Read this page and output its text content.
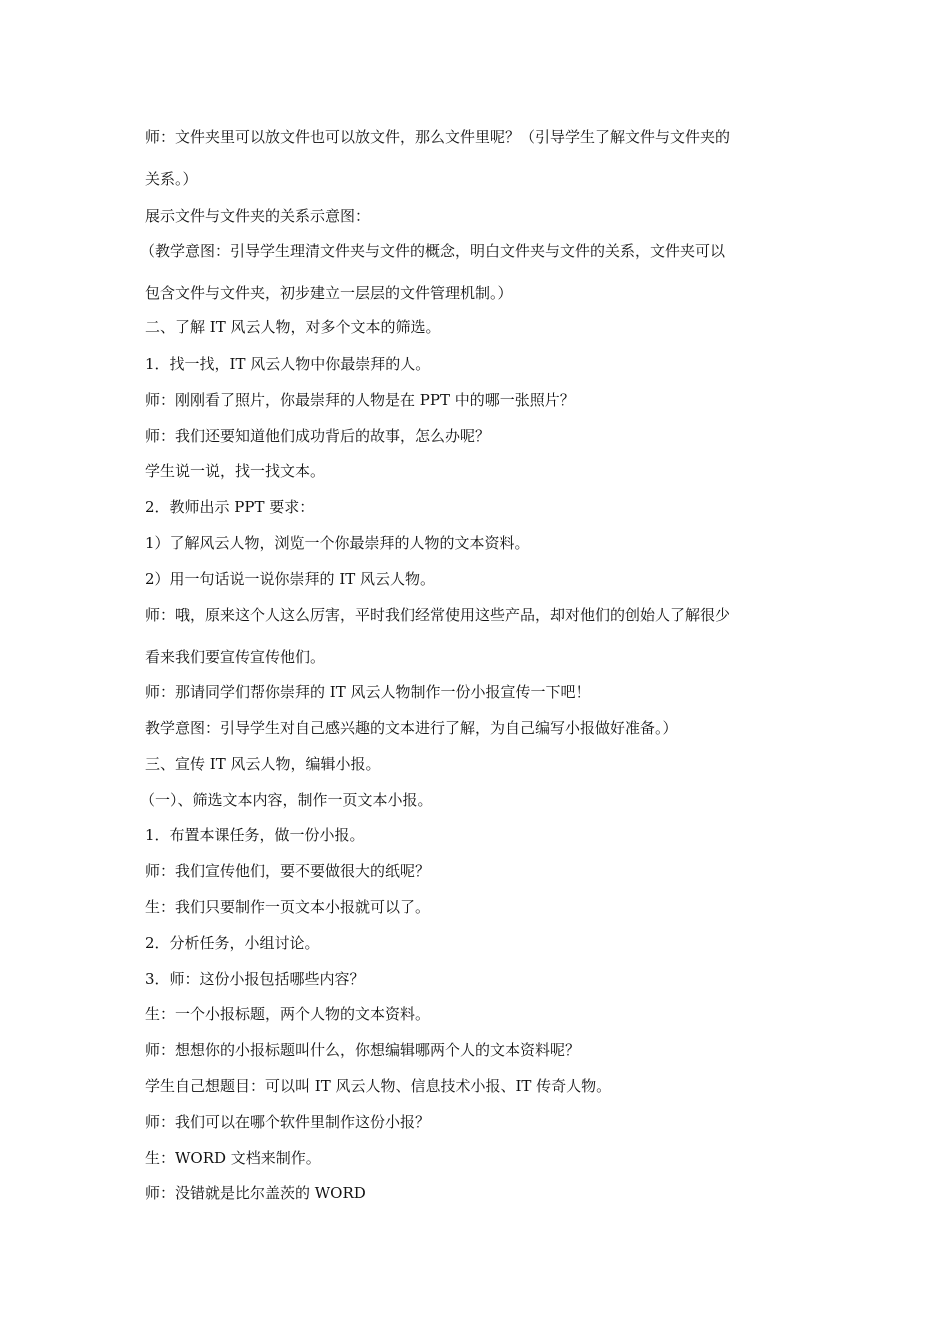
师：文件夹里可以放文件也可以放文件，那么文件里呢？（引导学生了解文件与文件夹的
关系。）
展示文件与文件夹的关系示意图：
（教学意图：引导学生理清文件夹与文件的概念，明白文件夹与文件的关系，文件夹可以
包含文件与文件夹，初步建立一层层的文件管理机制。）
二、了解 IT 风云人物，对多个文本的筛选。
1．找一找，IT 风云人物中你最崇拜的人。
师：刚刚看了照片，你最崇拜的人物是在 PPT 中的哪一张照片？
师：我们还要知道他们成功背后的故事，怎么办呢？
学生说一说，找一找文本。
2．教师出示 PPT 要求：
1）了解风云人物，浏览一个你最崇拜的人物的文本资料。
2）用一句话说一说你崇拜的 IT 风云人物。
师：哦，原来这个人这么厉害，平时我们经常使用这些产品，却对他们的创始人了解很少
看来我们要宣传宣传他们。
师：那请同学们帮你崇拜的 IT 风云人物制作一份小报宣传一下吧！
教学意图：引导学生对自己感兴趣的文本进行了解，为自己编写小报做好准备。）
三、宣传 IT 风云人物，编辑小报。
（一）、筛选文本内容，制作一页文本小报。
1．布置本课任务，做一份小报。
师：我们宣传他们，要不要做很大的纸呢？
生：我们只要制作一页文本小报就可以了。
2．分析任务，小组讨论。
3．师：这份小报包括哪些内容？
生：一个小报标题，两个人物的文本资料。
师：想想你的小报标题叫什么，你想编辑哪两个人的文本资料呢？
学生自己想题目：可以叫 IT 风云人物、信息技术小报、IT 传奇人物。
师：我们可以在哪个软件里制作这份小报？
生：WORD 文档来制作。
师：没错就是比尔盖茨的 WORD
